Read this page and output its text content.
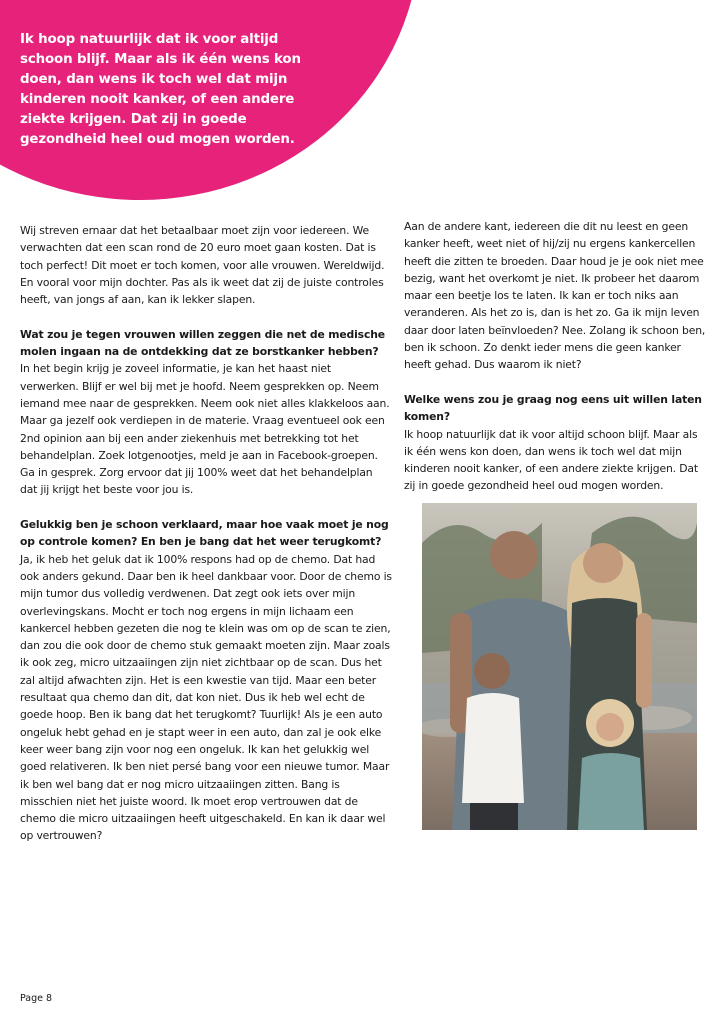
Ik hoop natuurlijk dat ik voor altijd schoon blijf. Maar als ik één wens kon doen, dan wens ik toch wel dat mijn kinderen nooit kanker, of een andere ziekte krijgen. Dat zij in goede gezondheid heel oud mogen worden.

Wij streven ernaar dat het betaalbaar moet zijn voor iedereen. We verwachten dat een scan rond de 20 euro moet gaan kosten. Dat is toch perfect! Dit moet er toch komen, voor alle vrouwen. Wereldwijd. En vooral voor mijn dochter. Pas als ik weet dat zij de juiste controles heeft, van jongs af aan, kan ik lekker slapen.

Wat zou je tegen vrouwen willen zeggen die net de medische molen ingaan na de ontdekking dat ze borstkanker hebben?

In het begin krijg je zoveel informatie, je kan het haast niet verwerken. Blijf er wel bij met je hoofd. Neem gesprekken op. Neem iemand mee naar de gesprekken. Neem ook niet alles klakkeloos aan. Maar ga jezelf ook verdiepen in de materie. Vraag eventueel ook een 2nd opinion aan bij een ander ziekenhuis met betrekking tot het behandelplan. Zoek lotgenootjes, meld je aan in Facebook-groepen. Ga in gesprek. Zorg ervoor dat jij 100% weet dat het behandelplan dat jij krijgt het beste voor jou is.

Gelukkig ben je schoon verklaard, maar hoe vaak moet je nog op controle komen? En ben je bang dat het weer terugkomt?

Ja, ik heb het geluk dat ik 100% respons had op de chemo. Dat had ook anders gekund. Daar ben ik heel dankbaar voor. Door de chemo is mijn tumor dus volledig verdwenen. Dat zegt ook iets over mijn overlevingskans. Mocht er toch nog ergens in mijn lichaam een kankercel hebben gezeten die nog te klein was om op de scan te zien, dan zou die ook door de chemo stuk gemaakt moeten zijn. Maar zoals ik ook zeg, micro uitzaaiingen zijn niet zichtbaar op de scan. Dus het zal altijd afwachten zijn. Het is een kwestie van tijd. Maar een beter resultaat qua chemo dan dit, dat kon niet. Dus ik heb wel echt de goede hoop. Ben ik bang dat het terugkomt? Tuurlijk! Als je een auto ongeluk hebt gehad en je stapt weer in een auto, dan zal je ook elke keer weer bang zijn voor nog een ongeluk. Ik kan het gelukkig wel goed relativeren. Ik ben niet persé bang voor een nieuwe tumor. Maar ik ben wel bang dat er nog micro uitzaaiingen zitten. Bang is misschien niet het juiste woord. Ik moet erop vertrouwen dat de chemo die micro uitzaaiingen heeft uitgeschakeld. En kan ik daar wel op vertrouwen?

Aan de andere kant, iedereen die dit nu leest en geen kanker heeft, weet niet of hij/zij nu ergens kankercellen heeft die zitten te broeden. Daar houd je je ook niet mee bezig, want het overkomt je niet. Ik probeer het daarom maar een beetje los te laten. Ik kan er toch niks aan veranderen. Als het zo is, dan is het zo. Ga ik mijn leven daar door laten beïnvloeden? Nee. Zolang ik schoon ben, ben ik schoon. Zo denkt ieder mens die geen kanker heeft gehad. Dus waarom ik niet?

Welke wens zou je graag nog eens uit willen laten komen?

Ik hoop natuurlijk dat ik voor altijd schoon blijf. Maar als ik één wens kon doen, dan wens ik toch wel dat mijn kinderen nooit kanker, of een andere ziekte krijgen. Dat zij in goede gezondheid heel oud mogen worden.

Page 8
